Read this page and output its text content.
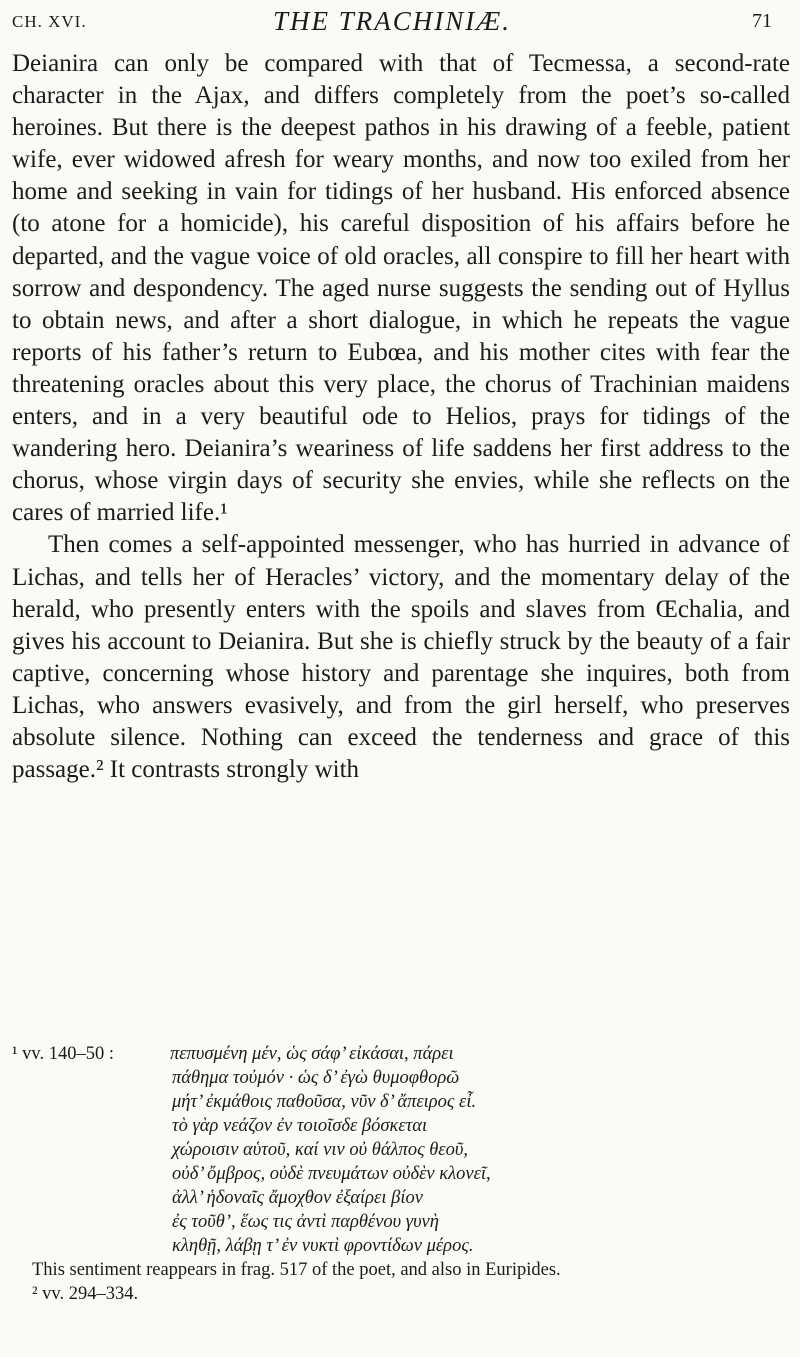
CH. XVI.	THE TRACHINIÆ.	71

Deianira can only be compared with that of Tecmessa, a second-rate character in the Ajax, and differs completely from the poet’s so-called heroines. But there is the deepest pathos in his drawing of a feeble, patient wife, ever widowed afresh for weary months, and now too exiled from her home and seeking in vain for tidings of her husband. His enforced absence (to atone for a homicide), his careful disposition of his affairs before he departed, and the vague voice of old oracles, all conspire to fill her heart with sorrow and despondency. The aged nurse suggests the sending out of Hyllus to obtain news, and after a short dialogue, in which he repeats the vague reports of his father’s return to Eubœa, and his mother cites with fear the threatening oracles about this very place, the chorus of Trachinian maidens enters, and in a very beautiful ode to Helios, prays for tidings of the wandering hero. Deianira’s weariness of life saddens her first address to the chorus, whose virgin days of security she envies, while she reflects on the cares of married life.¹

Then comes a self-appointed messenger, who has hurried in advance of Lichas, and tells her of Heracles’ victory, and the momentary delay of the herald, who presently enters with the spoils and slaves from Œchalia, and gives his account to Deianira. But she is chiefly struck by the beauty of a fair captive, concerning whose history and parentage she inquires, both from Lichas, who answers evasively, and from the girl herself, who preserves absolute silence. Nothing can exceed the tenderness and grace of this passage.² It contrasts strongly with

¹ vv. 140–50 :	πεπυσμένη μέν, ὡς σάφ’ εἰκάσαι, πάρει
πάθημα τοὐμόν · ὡς δ’ ἐγὼ θυμοφθορῶ
μήτ’ ἐκμάθοις παθοῦσα, νῦν δ’ ἄπειρος εἶ.
τὸ γὰρ νεάζον ἐν τοιοῖσδε βόσκεται
χώροισιν αὑτοῦ, καί νιν οὐ θάλπος θεοῦ,
οὐδ’ ὄμβρος, οὐδὲ πνευμάτων οὐδὲν κλονεῖ,
ἀλλ’ ἡδοναῖς ἄμοχθον ἐξαίρει βίον
ἐς τοῦθ’, ἕως τις ἀντὶ παρθένου γυνὴ
κληθῇ, λάβῃ τ’ ἐν νυκτὶ φροντίδων μέρος.
This sentiment reappears in frag. 517 of the poet, and also in Euripides.
² vv. 294–334.
